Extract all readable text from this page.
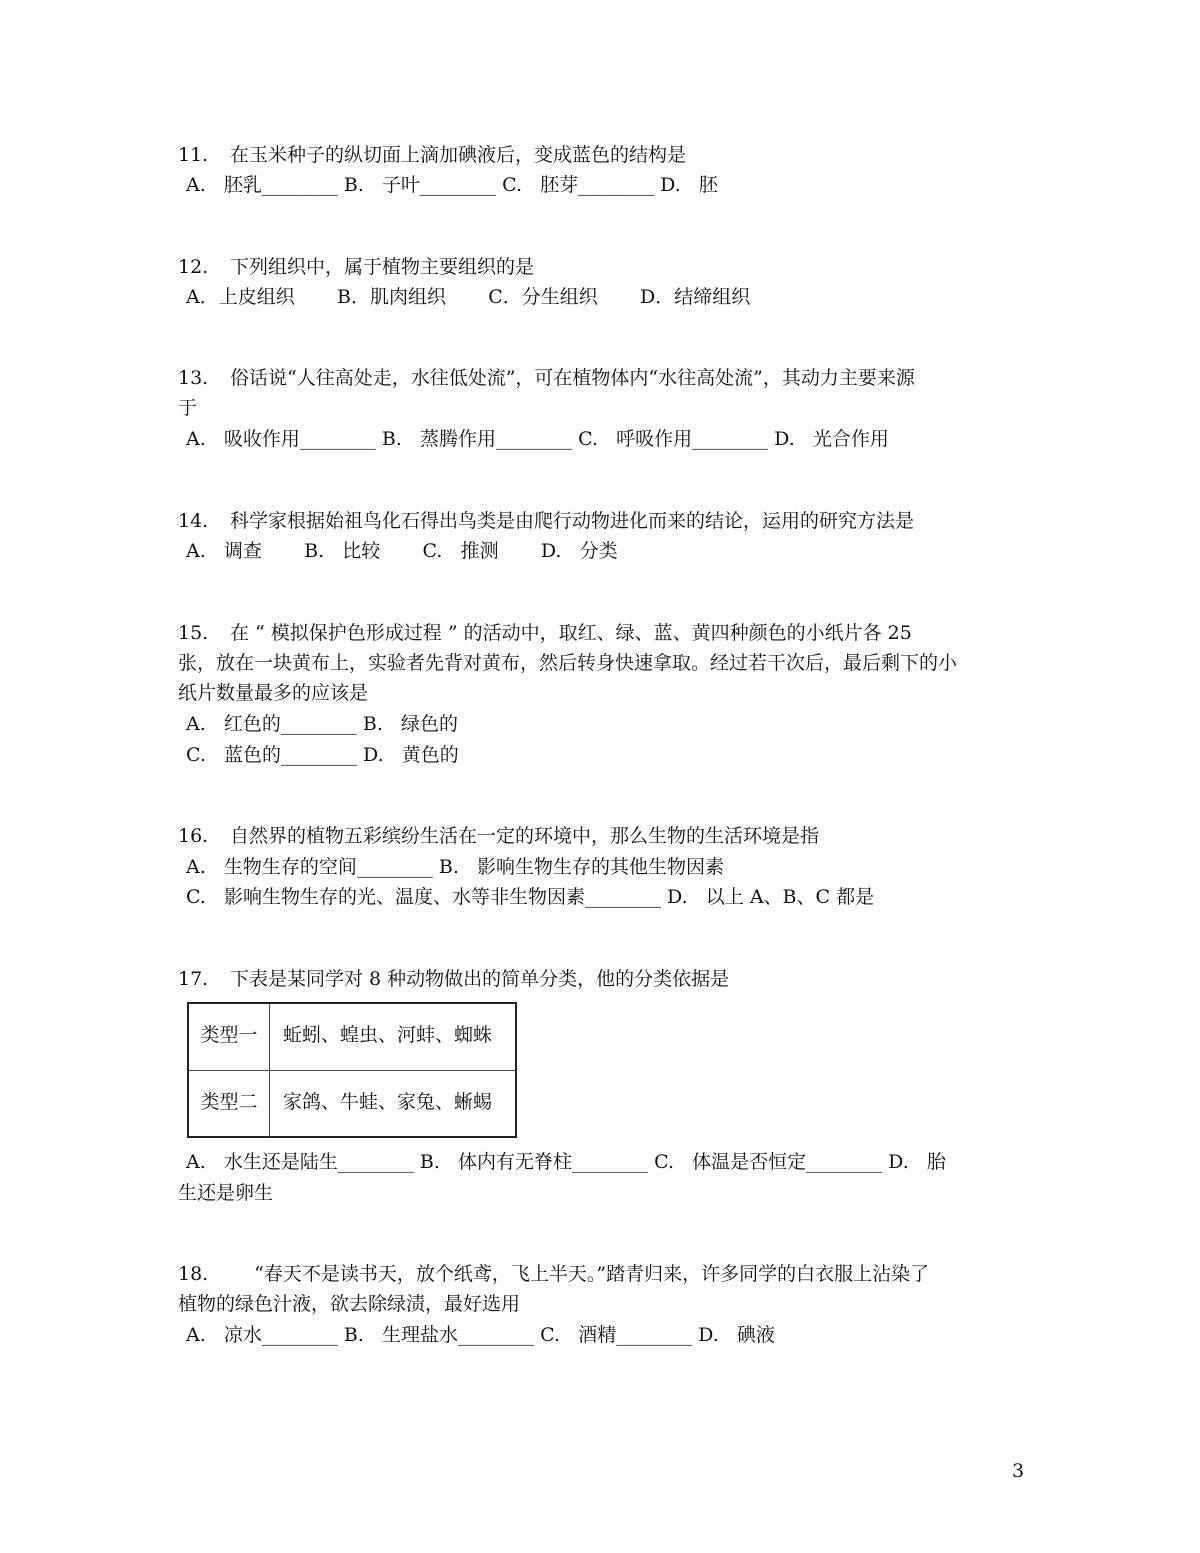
11. 在玉米种子的纵切面上滴加碘液后，变成蓝色的结构是
A.   胚乳________ B.   子叶________ C.   胚芽________ D.   胚
12. 下列组织中，属于植物主要组织的是
A．上皮组织       B．肌肉组织       C．分生组织       D．结缔组织
13. 俗话说“人往高处走，水往低处流”，可在植物体内“水往高处流”，其动力主要来源
于
A.   吸收作用________ B.   蒸腾作用________ C.   呼吸作用________ D.   光合作用
14. 科学家根据始祖鸟化石得出鸟类是由爬行动物进化而来的结论，运用的研究方法是
A.   调查       B.   比较       C.   推测       D.   分类
15. 在 “ 模拟保护色形成过程 ” 的活动中，取红、绿、蓝、黄四种颜色的小纸片各 25
张，放在一块黄布上，实验者先背对黄布，然后转身快速拿取。经过若干次后，最后剩下的小
纸片数量最多的应该是
A.   红色的________ B.   绿色的
C.   蓝色的________ D.   黄色的
16. 自然界的植物五彩缤纷生活在一定的环境中，那么生物的生活环境是指
A.   生物生存的空间________ B.   影响生物生存的其他生物因素
C.   影响生物生存的光、温度、水等非生物因素________ D.   以上 A、B、C 都是
17. 下表是某同学对 8 种动物做出的简单分类，他的分类依据是
类型一	蚯蚓、蝗虫、河蚌、蜘蛛
类型二	家鸽、牛蛙、家兔、蜥蜴
A.   水生还是陆生________ B.   体内有无脊柱________ C.   体温是否恒定________ D.   胎
生还是卵生
18.    “春天不是读书天，放个纸鸢，飞上半天。”踏青归来，许多同学的白衣服上沾染了
植物的绿色汁液，欲去除绿渍，最好选用
A.   凉水________ B.   生理盐水________ C.   酒精________ D.   碘液
3
